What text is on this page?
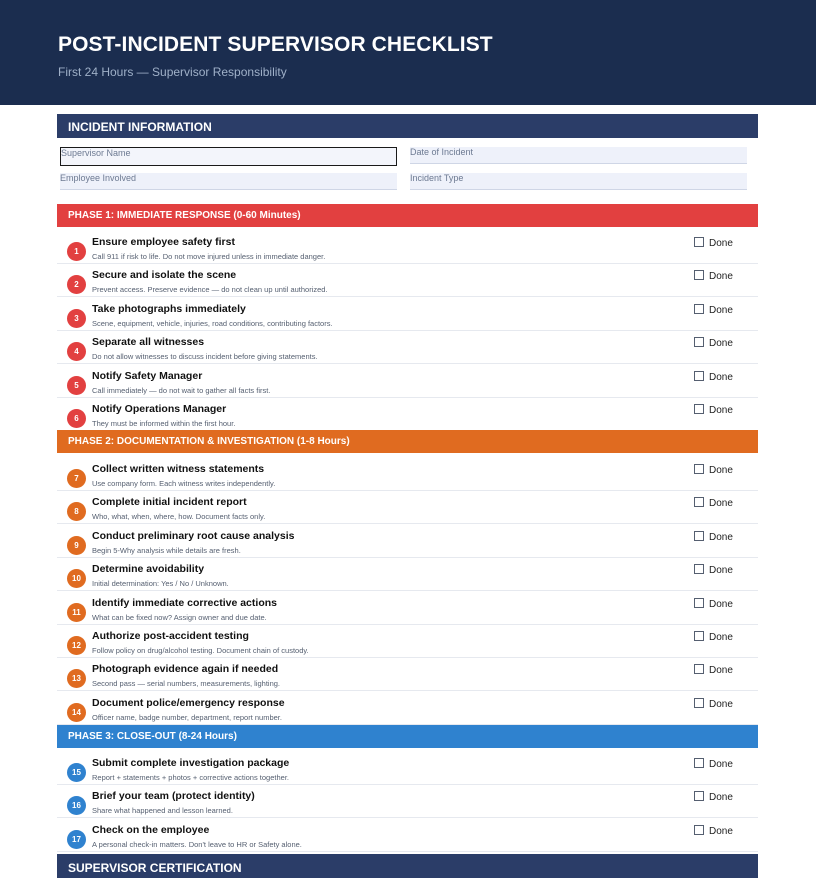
POST-INCIDENT SUPERVISOR CHECKLIST
First 24 Hours — Supervisor Responsibility
INCIDENT INFORMATION
Supervisor Name	Date of Incident
Employee Involved	Incident Type
PHASE 1: IMMEDIATE RESPONSE (0-60 Minutes)
1
Ensure employee safety first
Call 911 if risk to life. Do not move injured unless in immediate danger.
Done
2
Secure and isolate the scene
Prevent access. Preserve evidence — do not clean up until authorized.
Done
3
Take photographs immediately
Scene, equipment, vehicle, injuries, road conditions, contributing factors.
Done
4
Separate all witnesses
Do not allow witnesses to discuss incident before giving statements.
Done
5
Notify Safety Manager
Call immediately — do not wait to gather all facts first.
Done
6
Notify Operations Manager
They must be informed within the first hour.
Done
PHASE 2: DOCUMENTATION & INVESTIGATION (1-8 Hours)
7
Collect written witness statements
Use company form. Each witness writes independently.
Done
8
Complete initial incident report
Who, what, when, where, how. Document facts only.
Done
9
Conduct preliminary root cause analysis
Begin 5-Why analysis while details are fresh.
Done
10
Determine avoidability
Initial determination: Yes / No / Unknown.
Done
11
Identify immediate corrective actions
What can be fixed now? Assign owner and due date.
Done
12
Authorize post-accident testing
Follow policy on drug/alcohol testing. Document chain of custody.
Done
13
Photograph evidence again if needed
Second pass — serial numbers, measurements, lighting.
Done
14
Document police/emergency response
Officer name, badge number, department, report number.
Done
PHASE 3: CLOSE-OUT (8-24 Hours)
15
Submit complete investigation package
Report + statements + photos + corrective actions together.
Done
16
Brief your team (protect identity)
Share what happened and lesson learned.
Done
17
Check on the employee
A personal check-in matters. Don't leave to HR or Safety alone.
Done
SUPERVISOR CERTIFICATION
